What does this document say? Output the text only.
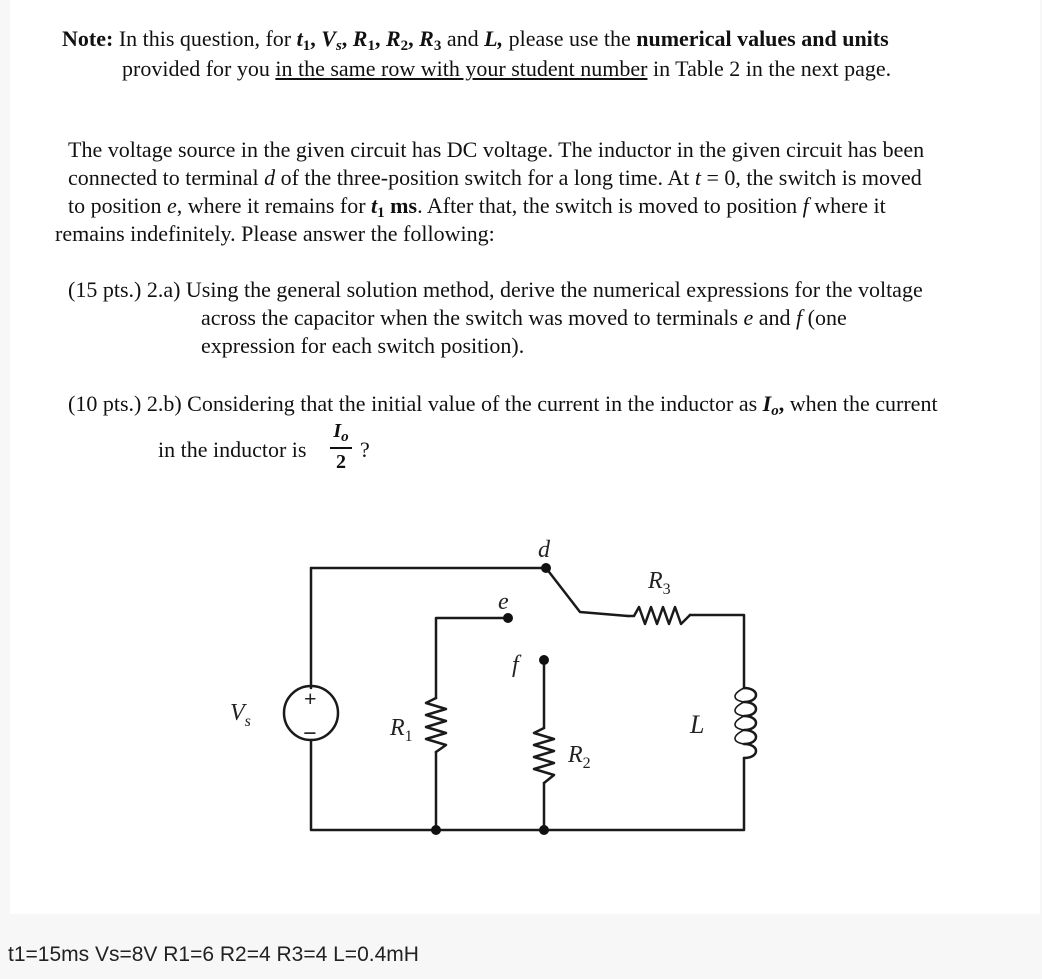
Note: In this question, for $t_1$, $V_s$, $R_1$, $R_2$, $R_3$ and L, please use the numerical values and units
provided for you in the same row with your student number in Table 2 in the next page.
The voltage source in the given circuit has DC voltage. The inductor in the given circuit has been
connected to terminal d of the three-position switch for a long time. At t = 0, the switch is moved
to position e, where it remains for $t_1$ ms. After that, the switch is moved to position f where it
remains indefinitely. Please answer the following:
(15 pts.) 2.a) Using the general solution method, derive the numerical expressions for the voltage
across the capacitor when the switch was moved to terminals e and f (one
expression for each switch position).
(10 pts.) 2.b) Considering that the initial value of the current in the inductor as $I_o$, when the current
in the inductor is
$I_o$
2 ?
d
e
f
+
−
$V_s$	$R_1$
$R_2$
$R_3$
L
t1=15ms Vs=8V R1=6 R2=4 R3=4 L=0.4mH
